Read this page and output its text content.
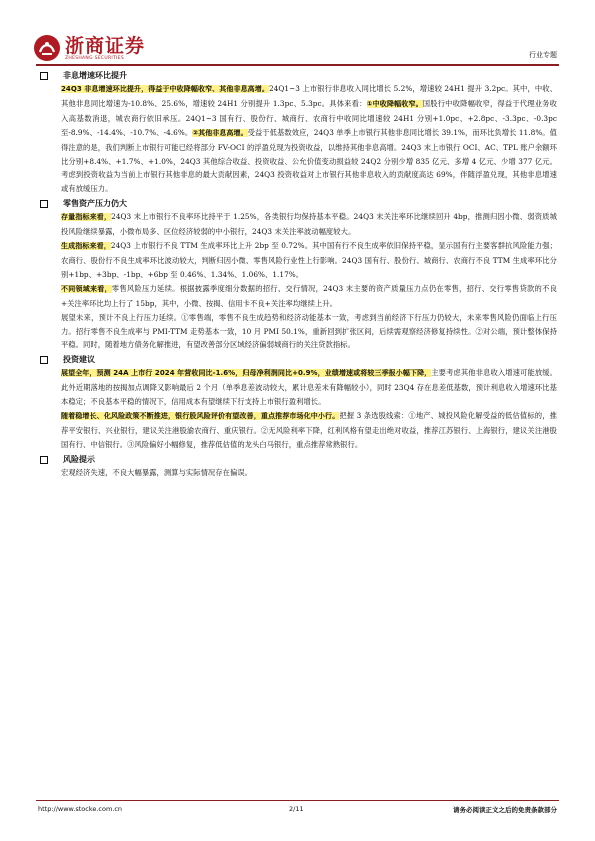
浙商证券
ZHESHANG SECURITIES	行业专题
非息增速环比提升

24Q3 非息增速环比提升，得益于中收降幅收窄、其他非息高增。24Q1~3 上市银行非息收入同比增长 5.2%，增速较 24H1 提升 3.2pc。其中，中收、其他非息同比增速为-10.8%、25.6%，增速较 24H1 分别提升 1.3pc、5.3pc。具体来看：①中收降幅收窄。国股行中收降幅收窄，得益于代理业务收入高基数消退，城农商行依旧承压。24Q1~3 国有行、股份行、城商行、农商行中收同比增速较 24H1 分别+1.0pc、+2.8pc、-3.3pc、-0.3pc 至-8.9%、-14.4%、-10.7%、-4.6%。②其他非息高增。受益于低基数效应，24Q3 单季上市银行其他非息同比增长 39.1%，而环比负增长 11.8%。值得注意的是，我们判断上市银行可能已经将部分 FV-OCI 的浮盈兑现为投资收益，以维持其他非息高增。24Q3 末上市银行 OCI、AC、TPL 账户余额环比分别+8.4%、+1.7%、+1.0%，24Q3 其他综合收益、投资收益、公允价值变动损益较 24Q2 分别少增 835 亿元、多增 4 亿元、少增 377 亿元。考虑到投资收益为当前上市银行其他非息的最大贡献因素，24Q3 投资收益对上市银行其他非息收入的贡献度高达 69%，伴随浮盈兑现，其他非息增速或有放缓压力。

零售资产压力仍大

存量指标来看，24Q3 末上市银行不良率环比持平于 1.25%，各类银行均保持基本平稳。24Q3 末关注率环比继续回升 4bp，推测归因小微、弱资质城投风险继续暴露，小微布局多、区位经济较弱的中小银行，24Q3 末关注率波动幅度较大。

生成指标来看，24Q3 上市银行不良 TTM 生成率环比上升 2bp 至 0.72%。其中国有行不良生成率依旧保持平稳，显示国有行主要客群抗风险能力强；农商行、股份行不良生成率环比波动较大，判断归因小微、零售风险行业性上行影响。24Q3 国有行、股份行、城商行、农商行不良 TTM 生成率环比分别+1bp、+3bp、-1bp、+6bp 至 0.46%、1.34%、1.06%、1.17%。

不同领域来看，零售风险压力延续。根据披露季度细分数据的招行、交行情况，24Q3 末主要的资产质量压力点仍在零售，招行、交行零售贷款的不良+关注率环比均上行了 15bp，其中，小微、按揭、信用卡不良+关注率均继续上升。

展望未来，预计不良上行压力延续。①零售端，零售不良生成趋势和经济动能基本一致，考虑到当前经济下行压力仍较大，未来零售风险仍面临上行压力。招行零售不良生成率与 PMI-TTM 走势基本一致，10 月 PMI 50.1%，重新回到扩张区间，后续需观察经济修复持续性。②对公端，预计整体保持平稳。同时，随着地方债务化解推进，有望改善部分区域经济偏弱城商行的关注贷款指标。

投资建议

展望全年，预测 24A 上市行 2024 年营收同比-1.6%，归母净利润同比+0.9%，业绩增速或将较三季报小幅下降，主要考虑其他非息收入增速可能放缓。此外近期落地的按揭加点调降又影响最后 2 个月（单季息差波动较大，累计息差未有降幅较小），同时 23Q4 存在息差低基数，预计利息收入增速环比基本稳定；不良基本平稳的情况下，信用成本有望继续下行支持上市银行盈利增长。

随着稳增长、化风险政策不断推进，银行股风险评价有望改善，重点推荐市场化中小行。把握 3 条选股线索：①地产、城投风险化解受益的低估值标的，推荐平安银行、兴业银行，建议关注港股渝农商行、重庆银行。②无风险利率下降，红利风格有望走出绝对收益，推荐江苏银行、上海银行，建议关注港股国有行、中信银行。③风险偏好小幅修复，推荐低估值的龙头白马银行，重点推荐常熟银行。

风险提示

宏观经济失速，不良大幅暴露，测算与实际情况存在偏误。

http://www.stocke.com.cn	2/11	请务必阅读正文之后的免责条款部分
